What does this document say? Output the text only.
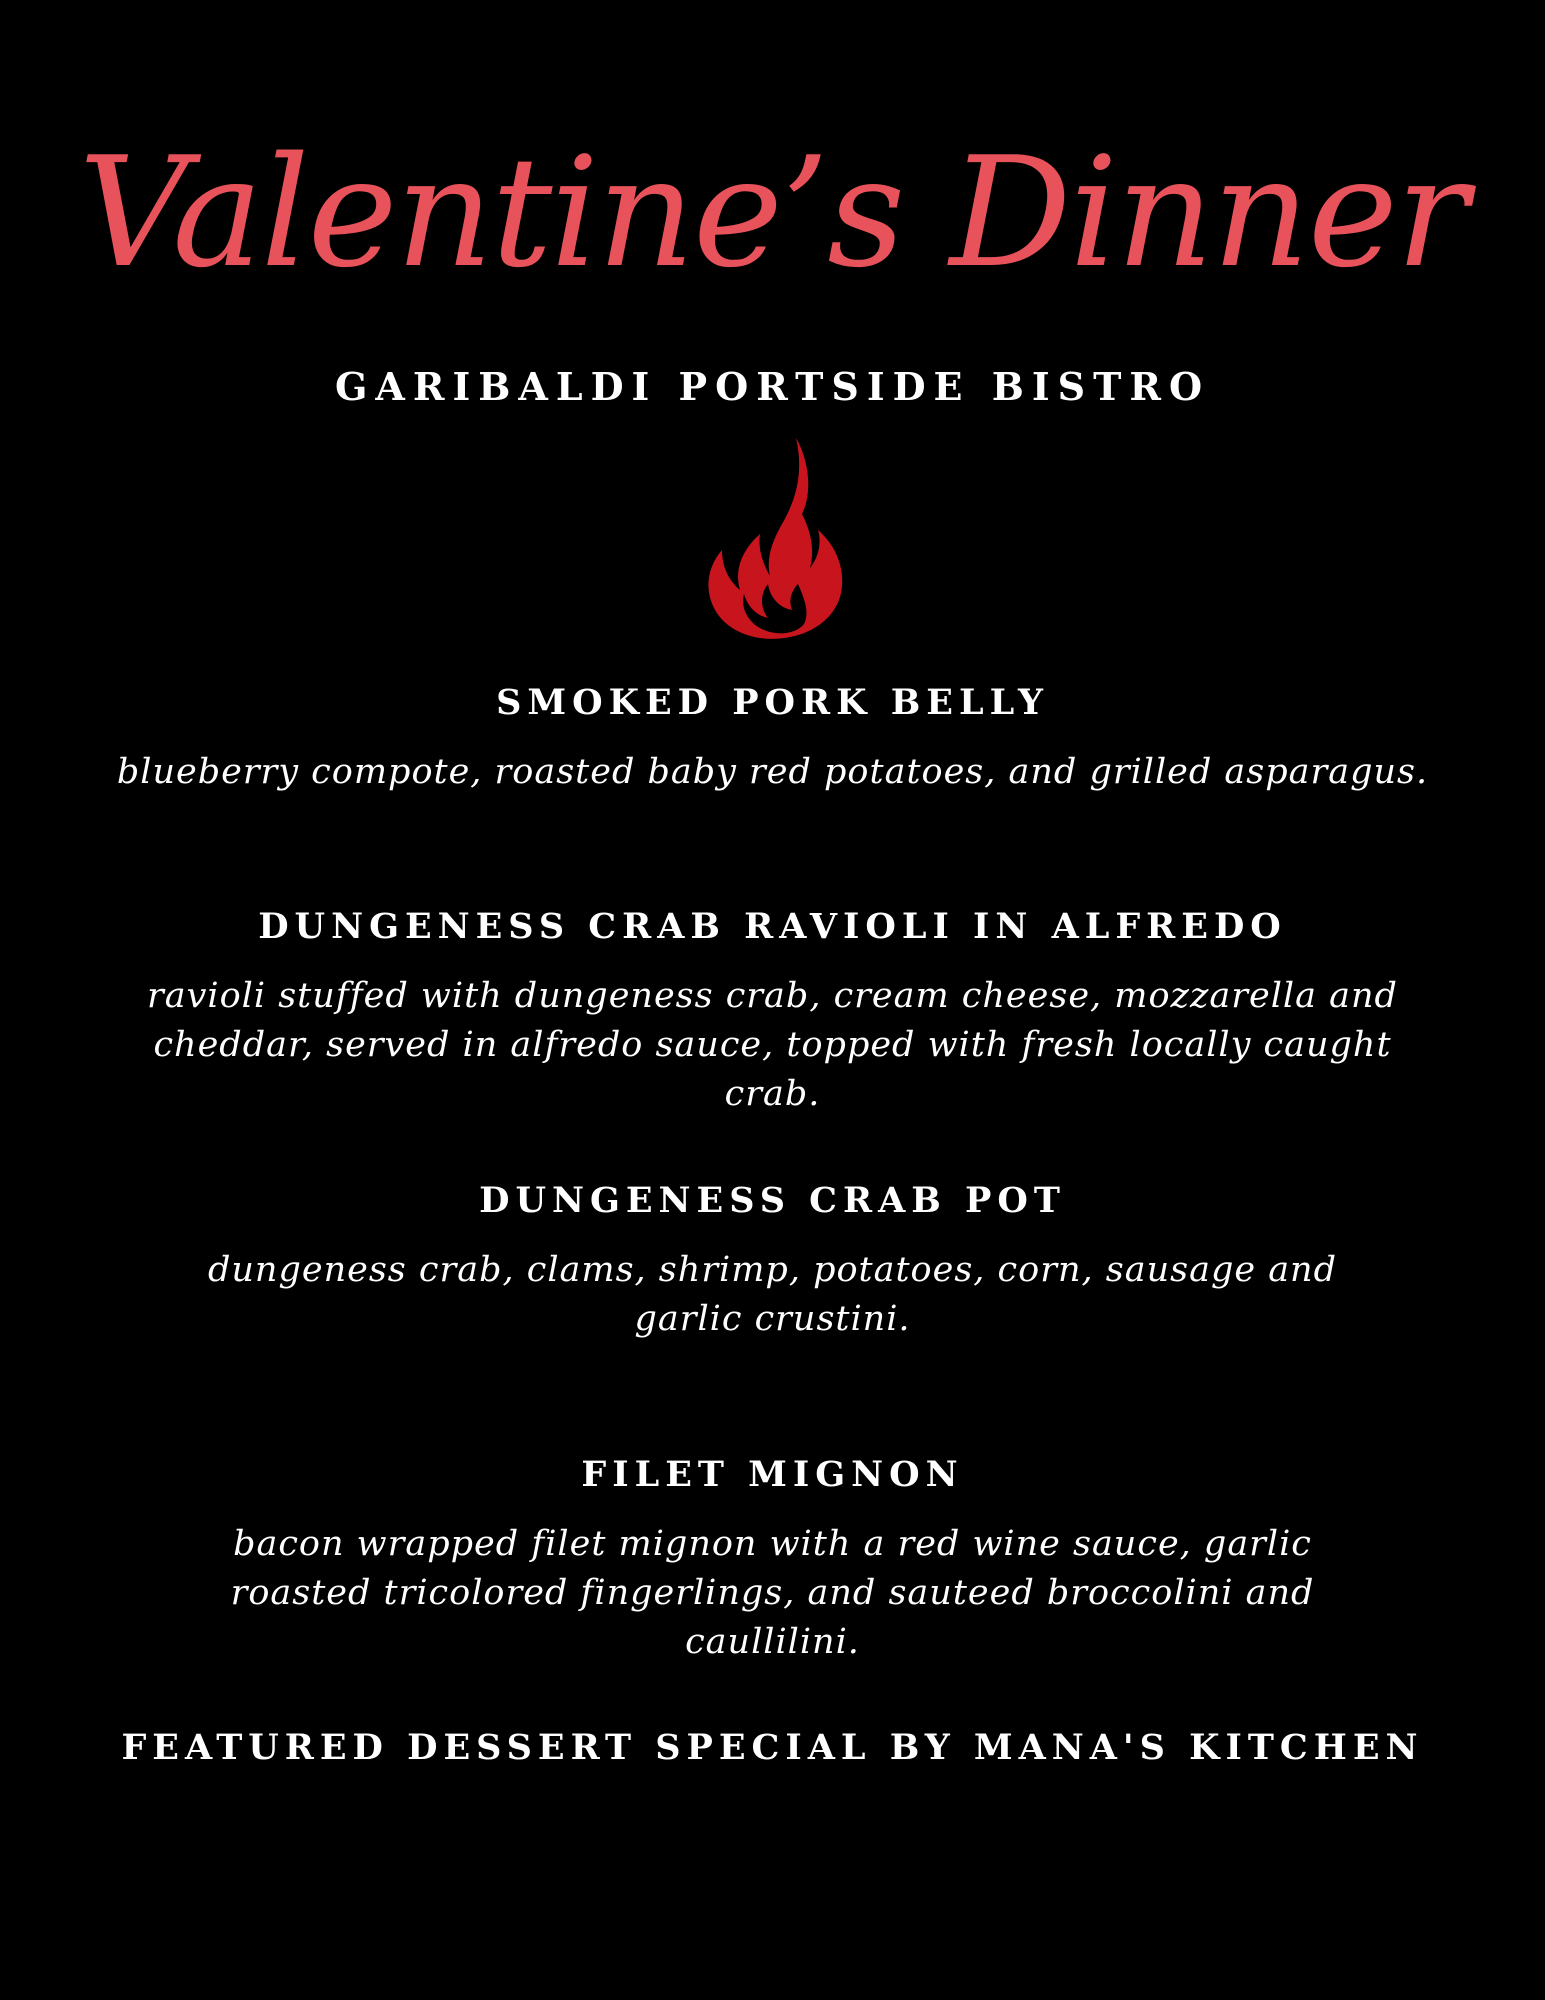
Valentine’s Dinner
GARIBALDI PORTSIDE BISTRO
SMOKED PORK BELLY
blueberry compote, roasted baby red potatoes, and grilled asparagus.
DUNGENESS CRAB RAVIOLI IN ALFREDO
ravioli stuffed with dungeness crab, cream cheese, mozzarella and cheddar, served in alfredo sauce, topped with fresh locally caught crab.
DUNGENESS CRAB POT
dungeness crab, clams, shrimp, potatoes, corn, sausage and garlic crustini.
FILET MIGNON
bacon wrapped filet mignon with a red wine sauce, garlic roasted tricolored fingerlings, and sauteed broccolini and caullilini.
FEATURED DESSERT SPECIAL BY MANA'S KITCHEN
